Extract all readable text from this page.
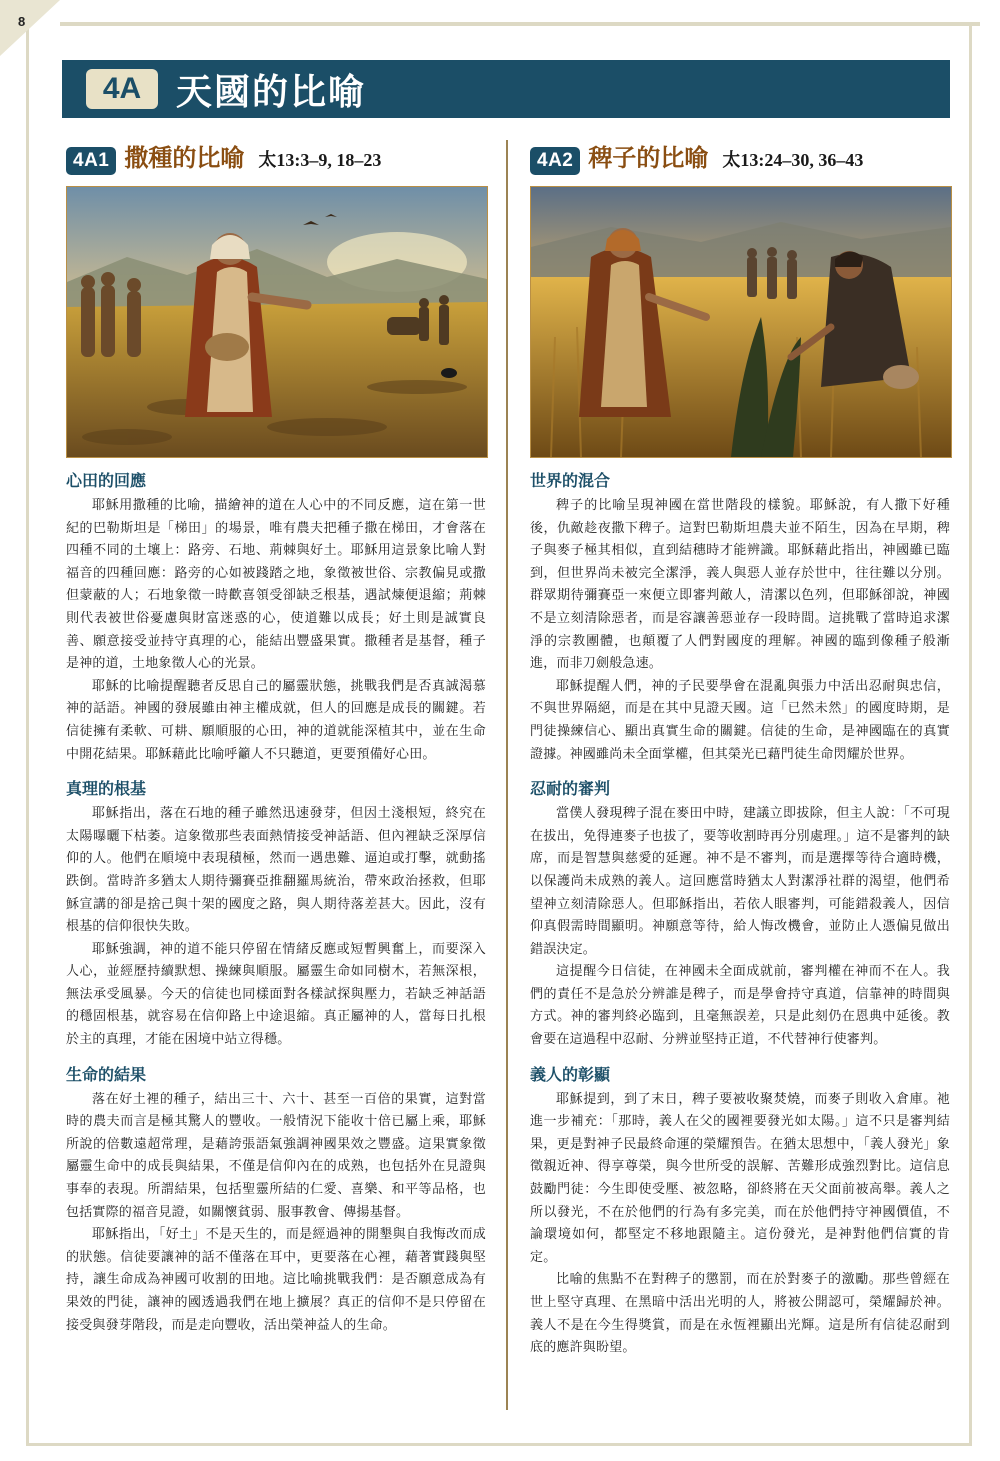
8
4A 天國的比喻
4A1 撒種的比喻 太13:3–9, 18–23
心田的回應

耶穌用撒種的比喻，描繪神的道在人心中的不同反應，這在第一世紀的巴勒斯坦是「梯田」的場景，唯有農夫把種子撒在梯田，才會落在四種不同的土壤上：路旁、石地、荊棘與好土。耶穌用這景象比喻人對福音的四種回應：路旁的心如被踐踏之地，象徵被世俗、宗教偏見或撒但蒙蔽的人；石地象徵一時歡喜領受卻缺乏根基，遇試煉便退縮；荊棘則代表被世俗憂慮與財富迷惑的心，使道難以成長；好土則是誠實良善、願意接受並持守真理的心，能結出豐盛果實。撒種者是基督，種子是神的道，土地象徵人心的光景。

耶穌的比喻提醒聽者反思自己的屬靈狀態，挑戰我們是否真誠渴慕神的話語。神國的發展雖由神主權成就，但人的回應是成長的關鍵。若信徒擁有柔軟、可耕、願順服的心田，神的道就能深植其中，並在生命中開花結果。耶穌藉此比喻呼籲人不只聽道，更要預備好心田。

真理的根基

耶穌指出，落在石地的種子雖然迅速發芽，但因土淺根短，終究在太陽曝曬下枯萎。這象徵那些表面熱情接受神話語、但內裡缺乏深厚信仰的人。他們在順境中表現積極，然而一遇患難、逼迫或打擊，就動搖跌倒。當時許多猶太人期待彌賽亞推翻羅馬統治，帶來政治拯救，但耶穌宣講的卻是捨己與十架的國度之路，與人期待落差甚大。因此，沒有根基的信仰很快失敗。

耶穌強調，神的道不能只停留在情緒反應或短暫興奮上，而要深入人心，並經歷持續默想、操練與順服。屬靈生命如同樹木，若無深根，無法承受風暴。今天的信徒也同樣面對各樣試探與壓力，若缺乏神話語的穩固根基，就容易在信仰路上中途退縮。真正屬神的人，當每日扎根於主的真理，才能在困境中站立得穩。

生命的結果

落在好土裡的種子，結出三十、六十、甚至一百倍的果實，這對當時的農夫而言是極其驚人的豐收。一般情況下能收十倍已屬上乘，耶穌所說的倍數遠超常理，是藉誇張語氣強調神國果效之豐盛。這果實象徵屬靈生命中的成長與結果，不僅是信仰內在的成熟，也包括外在見證與事奉的表現。所謂結果，包括聖靈所結的仁愛、喜樂、和平等品格，也包括實際的福音見證，如關懷貧弱、服事教會、傳揚基督。

耶穌指出，「好土」不是天生的，而是經過神的開墾與自我悔改而成的狀態。信徒要讓神的話不僅落在耳中，更要落在心裡，藉著實踐與堅持，讓生命成為神國可收割的田地。這比喻挑戰我們：是否願意成為有果效的門徒，讓神的國透過我們在地上擴展？真正的信仰不是只停留在接受與發芽階段，而是走向豐收，活出榮神益人的生命。

4A2 稗子的比喻 太13:24–30, 36–43
世界的混合

稗子的比喻呈現神國在當世階段的樣貌。耶穌說，有人撒下好種後，仇敵趁夜撒下稗子。這對巴勒斯坦農夫並不陌生，因為在早期，稗子與麥子極其相似，直到結穗時才能辨識。耶穌藉此指出，神國雖已臨到，但世界尚未被完全潔淨，義人與惡人並存於世中，往往難以分別。群眾期待彌賽亞一來便立即審判敵人，清潔以色列，但耶穌卻說，神國不是立刻清除惡者，而是容讓善惡並存一段時間。這挑戰了當時追求潔淨的宗教團體，也顛覆了人們對國度的理解。神國的臨到像種子般漸進，而非刀劍般急速。

耶穌提醒人們，神的子民要學會在混亂與張力中活出忍耐與忠信，不與世界隔絕，而是在其中見證天國。這「已然未然」的國度時期，是門徒操練信心、顯出真實生命的關鍵。信徒的生命，是神國臨在的真實證據。神國雖尚未全面掌權，但其榮光已藉門徒生命閃耀於世界。

忍耐的審判

當僕人發現稗子混在麥田中時，建議立即拔除，但主人說：「不可現在拔出，免得連麥子也拔了，要等收割時再分別處理。」這不是審判的缺席，而是智慧與慈愛的延遲。神不是不審判，而是選擇等待合適時機，以保護尚未成熟的義人。這回應當時猶太人對潔淨社群的渴望，他們希望神立刻清除惡人。但耶穌指出，若依人眼審判，可能錯殺義人，因信仰真假需時間顯明。神願意等待，給人悔改機會，並防止人憑偏見做出錯誤決定。

這提醒今日信徒，在神國未全面成就前，審判權在神而不在人。我們的責任不是急於分辨誰是稗子，而是學會持守真道，信靠神的時間與方式。神的審判終必臨到，且毫無誤差，只是此刻仍在恩典中延後。教會要在這過程中忍耐、分辨並堅持正道，不代替神行使審判。

義人的彰顯

耶穌提到，到了末日，稗子要被收聚焚燒，而麥子則收入倉庫。祂進一步補充：「那時，義人在父的國裡要發光如太陽。」這不只是審判結果，更是對神子民最終命運的榮耀預告。在猶太思想中，「義人發光」象徵親近神、得享尊榮，與今世所受的誤解、苦難形成強烈對比。這信息鼓勵門徒：今生即使受壓、被忽略，卻終將在天父面前被高舉。義人之所以發光，不在於他們的行為有多完美，而在於他們持守神國價值，不論環境如何，都堅定不移地跟隨主。這份發光，是神對他們信實的肯定。

比喻的焦點不在對稗子的懲罰，而在於對麥子的激勵。那些曾經在世上堅守真理、在黑暗中活出光明的人，將被公開認可，榮耀歸於神。義人不是在今生得獎賞，而是在永恆裡顯出光輝。這是所有信徒忍耐到底的應許與盼望。
